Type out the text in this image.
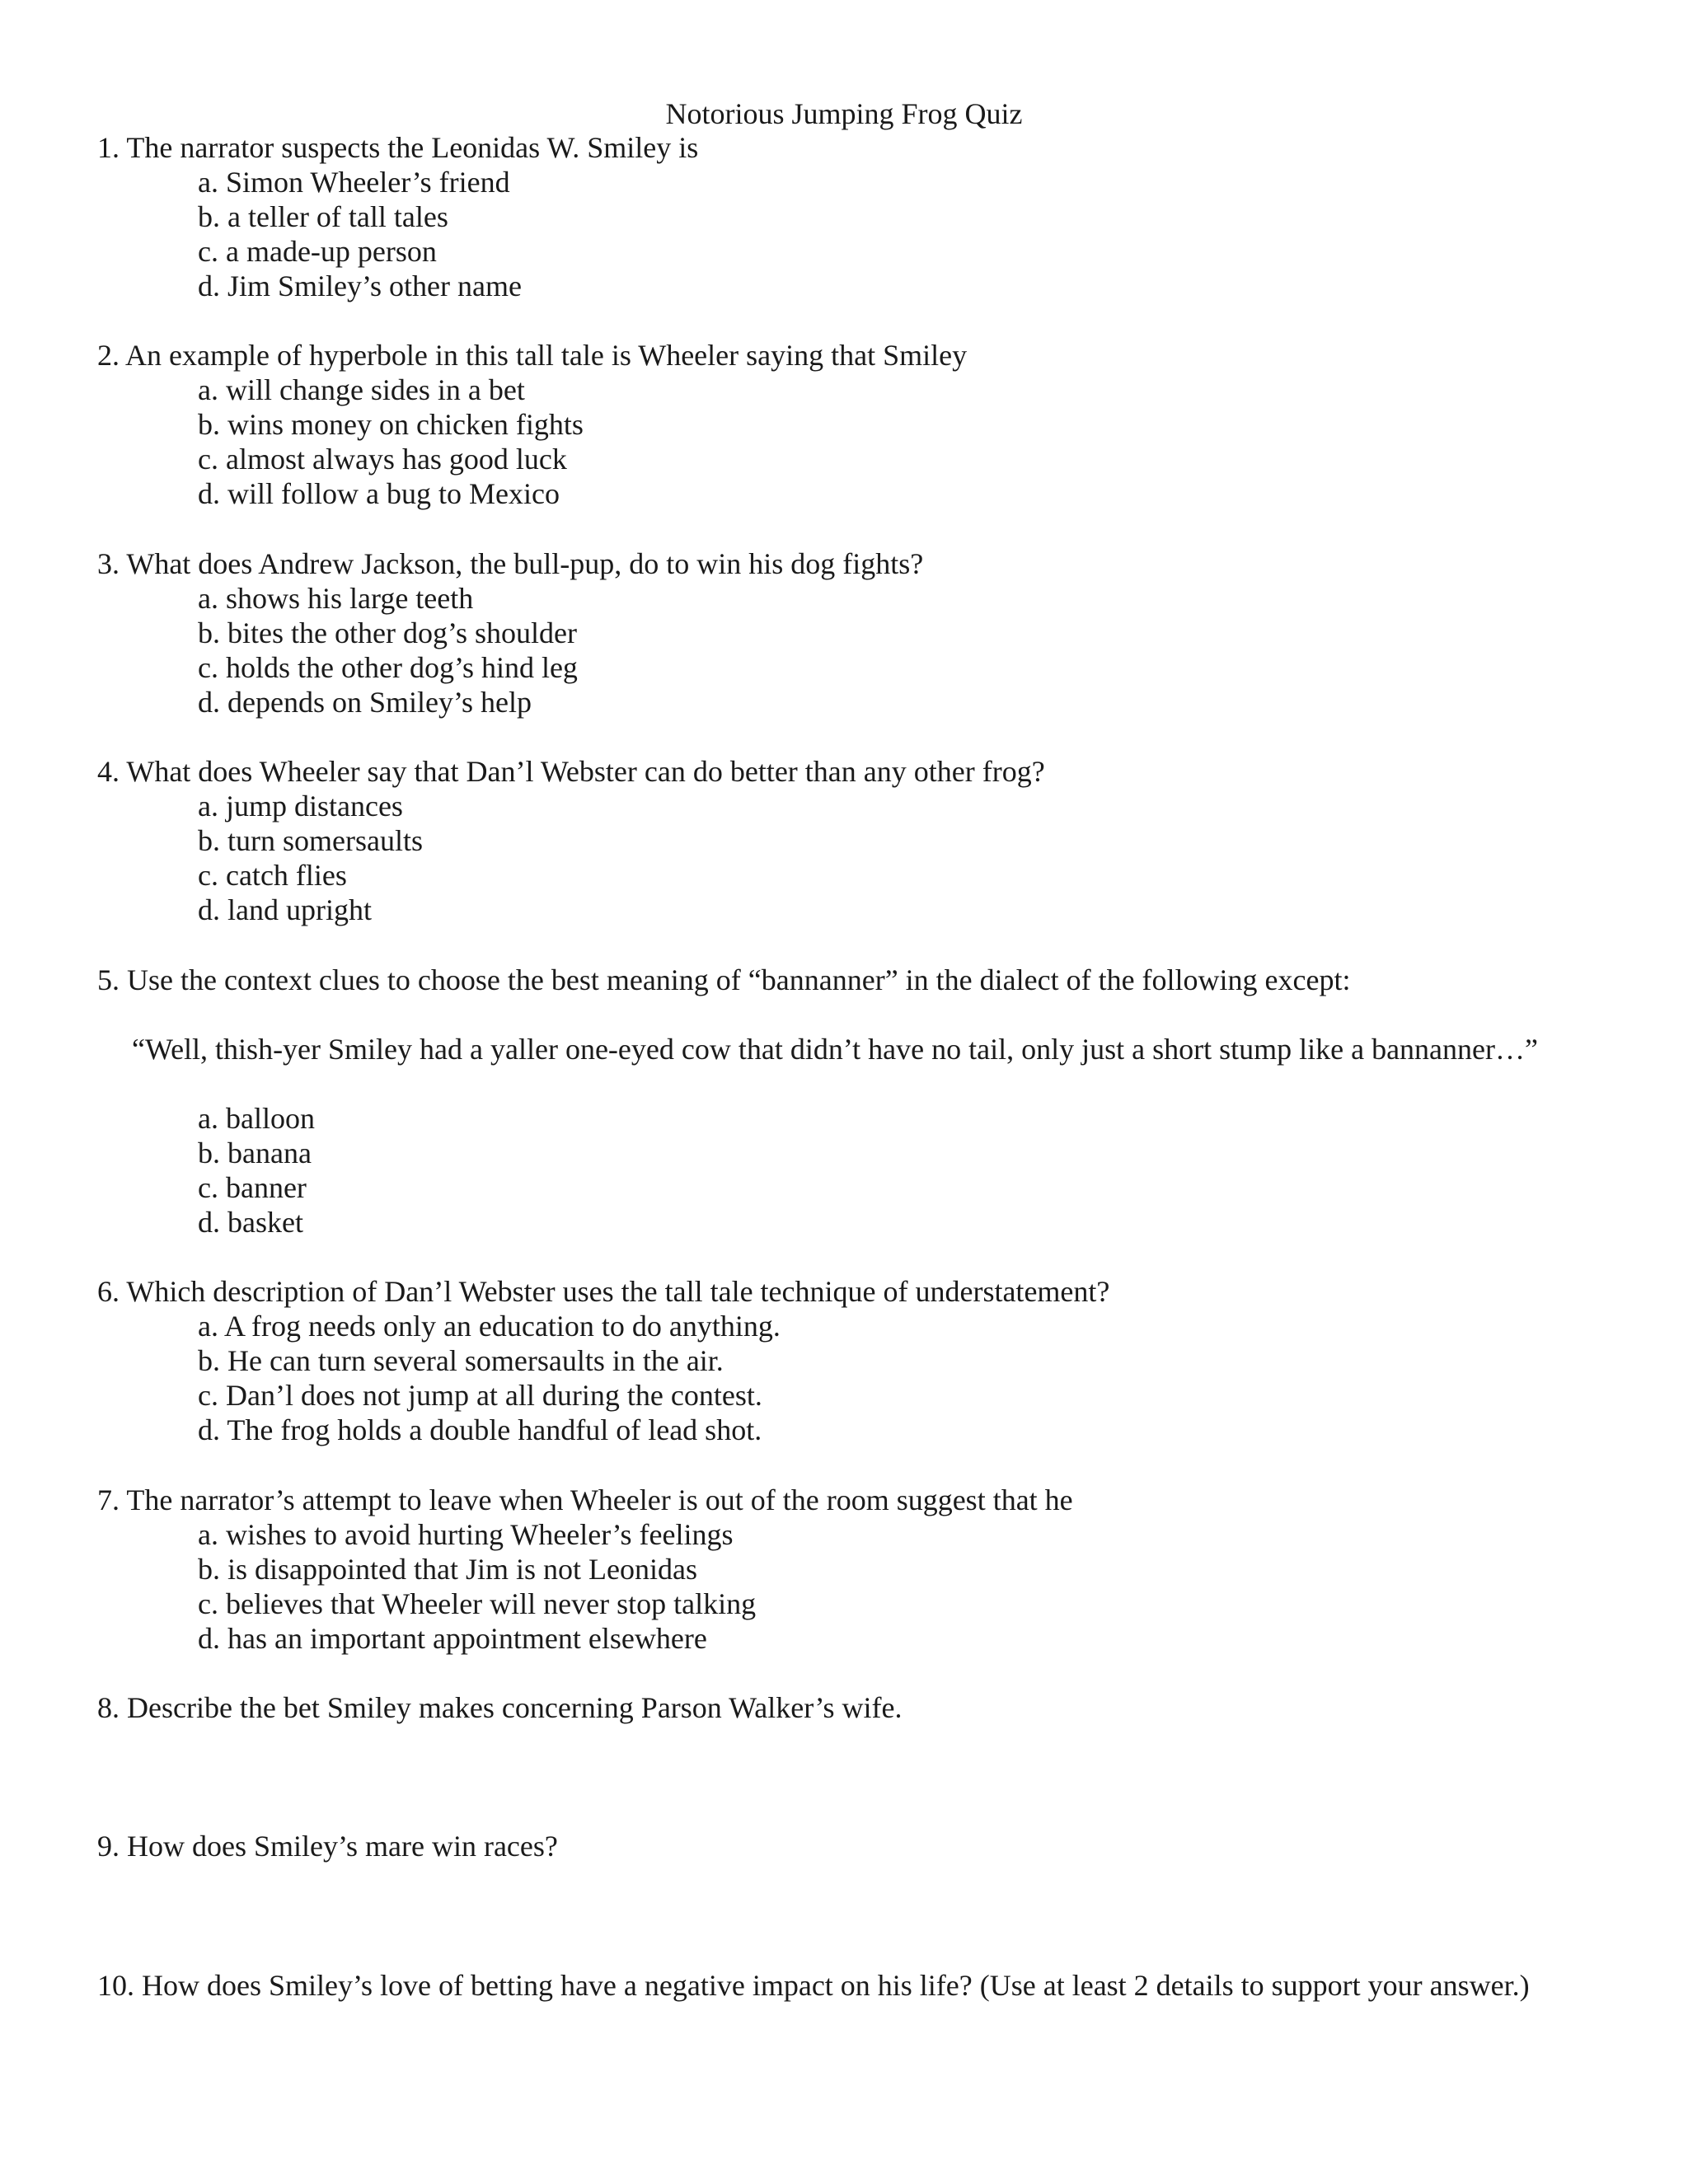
Notorious Jumping Frog Quiz
1. The narrator suspects the Leonidas W. Smiley is
a. Simon Wheeler’s friend
b. a teller of tall tales
c. a made-up person
d. Jim Smiley’s other name
2. An example of hyperbole in this tall tale is Wheeler saying that Smiley
a. will change sides in a bet
b. wins money on chicken fights
c. almost always has good luck
d. will follow a bug to Mexico
3. What does Andrew Jackson, the bull-pup, do to win his dog fights?
a. shows his large teeth
b. bites the other dog’s shoulder
c. holds the other dog’s hind leg
d. depends on Smiley’s help
4. What does Wheeler say that Dan’l Webster can do better than any other frog?
a. jump distances
b. turn somersaults
c. catch flies
d. land upright
5. Use the context clues to choose the best meaning of “bannanner” in the dialect of the following except:
“Well, thish-yer Smiley had a yaller one-eyed cow that didn’t have no tail, only just a short stump like a bannanner…”
a. balloon
b. banana
c. banner
d. basket
6. Which description of Dan’l Webster uses the tall tale technique of understatement?
a. A frog needs only an education to do anything.
b. He can turn several somersaults in the air.
c. Dan’l does not jump at all during the contest.
d. The frog holds a double handful of lead shot.
7. The narrator’s attempt to leave when Wheeler is out of the room suggest that he
a. wishes to avoid hurting Wheeler’s feelings
b. is disappointed that Jim is not Leonidas
c. believes that Wheeler will never stop talking
d. has an important appointment elsewhere
8. Describe the bet Smiley makes concerning Parson Walker’s wife.
9. How does Smiley’s mare win races?
10. How does Smiley’s love of betting have a negative impact on his life? (Use at least 2 details to support your answer.)
